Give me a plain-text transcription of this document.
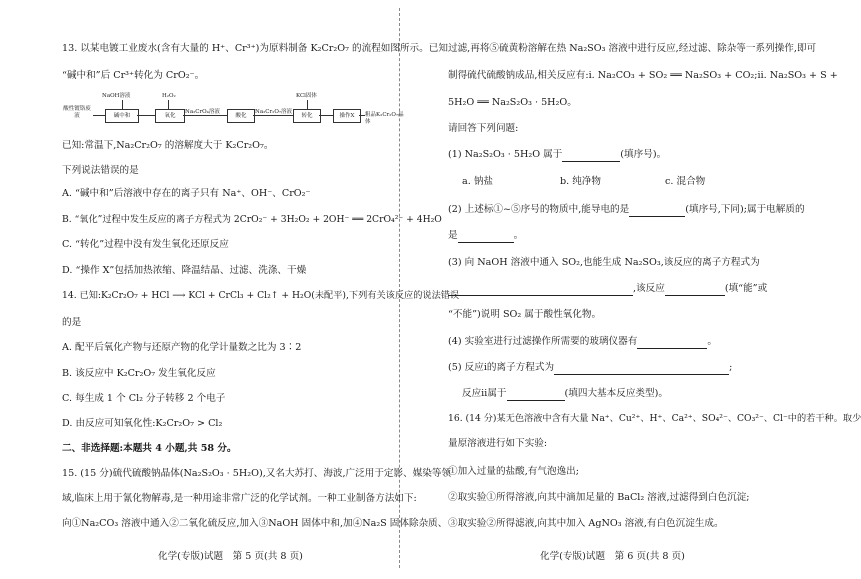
13. 以某电镀工业废水(含有大量的 H⁺、Cr³⁺)为原料制备 K₂Cr₂O₇ 的流程如图所示。已知
“碱中和”后 Cr³⁺转化为 CrO₂⁻。
酸性镀铬废液
NaOH溶液
碱中和
H₂O₂
氧化
Na₂CrO₄溶液
酸化
Na₂Cr₂O₇溶液
KCl固体
转化	操作X	粗品K₂Cr₂O₇晶体
已知:常温下,Na₂Cr₂O₇ 的溶解度大于 K₂Cr₂O₇。
下列说法错误的是
A. “碱中和”后溶液中存在的离子只有 Na⁺、OH⁻、CrO₂⁻
B. “氧化”过程中发生反应的离子方程式为 2CrO₂⁻ + 3H₂O₂ + 2OH⁻ ══ 2CrO₄²⁻ + 4H₂O
C. “转化”过程中没有发生氧化还原反应
D. “操作 X”包括加热浓缩、降温结晶、过滤、洗涤、干燥
14. 已知:K₂Cr₂O₇ + HCl ⟶ KCl + CrCl₃ + Cl₂↑ + H₂O(未配平),下列有关该反应的说法错误
的是
A. 配平后氧化产物与还原产物的化学计量数之比为 3∶2
B. 该反应中 K₂Cr₂O₇ 发生氧化反应
C. 每生成 1 个 Cl₂ 分子转移 2 个电子
D. 由反应可知氧化性:K₂Cr₂O₇ > Cl₂
二、非选择题:本题共 4 小题,共 58 分。
15. (15 分)硫代硫酸钠晶体(Na₂S₂O₃ · 5H₂O),又名大苏打、海波,广泛用于定影、媒染等领
域,临床上用于氰化物解毒,是一种用途非常广泛的化学试剂。一种工业制备方法如下:
向①Na₂CO₃ 溶液中通入②二氧化硫反应,加入③NaOH 固体中和,加④Na₂S 固体除杂质、
化学(专版)试题　第 5 页(共 8 页)
过滤,再将⑤硫黄粉溶解在热 Na₂SO₃ 溶液中进行反应,经过滤、除杂等一系列操作,即可
制得硫代硫酸钠成品,相关反应有:ⅰ. Na₂CO₃ + SO₂ ══ Na₂SO₃ + CO₂;ⅱ. Na₂SO₃ + S +
5H₂O ══ Na₂S₂O₃ · 5H₂O。
请回答下列问题:
(1) Na₂S₂O₃ · 5H₂O 属于	(填序号)。
a. 钠盐	b. 纯净物	c. 混合物
(2) 上述标①~⑤序号的物质中,能导电的是	(填序号,下同);属于电解质的
是	。
(3) 向 NaOH 溶液中通入 SO₂,也能生成 Na₂SO₃,该反应的离子方程式为
,该反应	(填“能”或
“不能”)说明 SO₂ 属于酸性氧化物。
(4) 实验室进行过滤操作所需要的玻璃仪器有	。
(5) 反应ⅰ的离子方程式为	;
反应ⅱ属于	(填四大基本反应类型)。
16. (14 分)某无色溶液中含有大量 Na⁺、Cu²⁺、H⁺、Ca²⁺、SO₄²⁻、CO₃²⁻、Cl⁻中的若干种。取少
量原溶液进行如下实验:
①加入过量的盐酸,有气泡逸出;
②取实验①所得溶液,向其中滴加足量的 BaCl₂ 溶液,过滤得到白色沉淀;
③取实验②所得滤液,向其中加入 AgNO₃ 溶液,有白色沉淀生成。
化学(专版)试题　第 6 页(共 8 页)
